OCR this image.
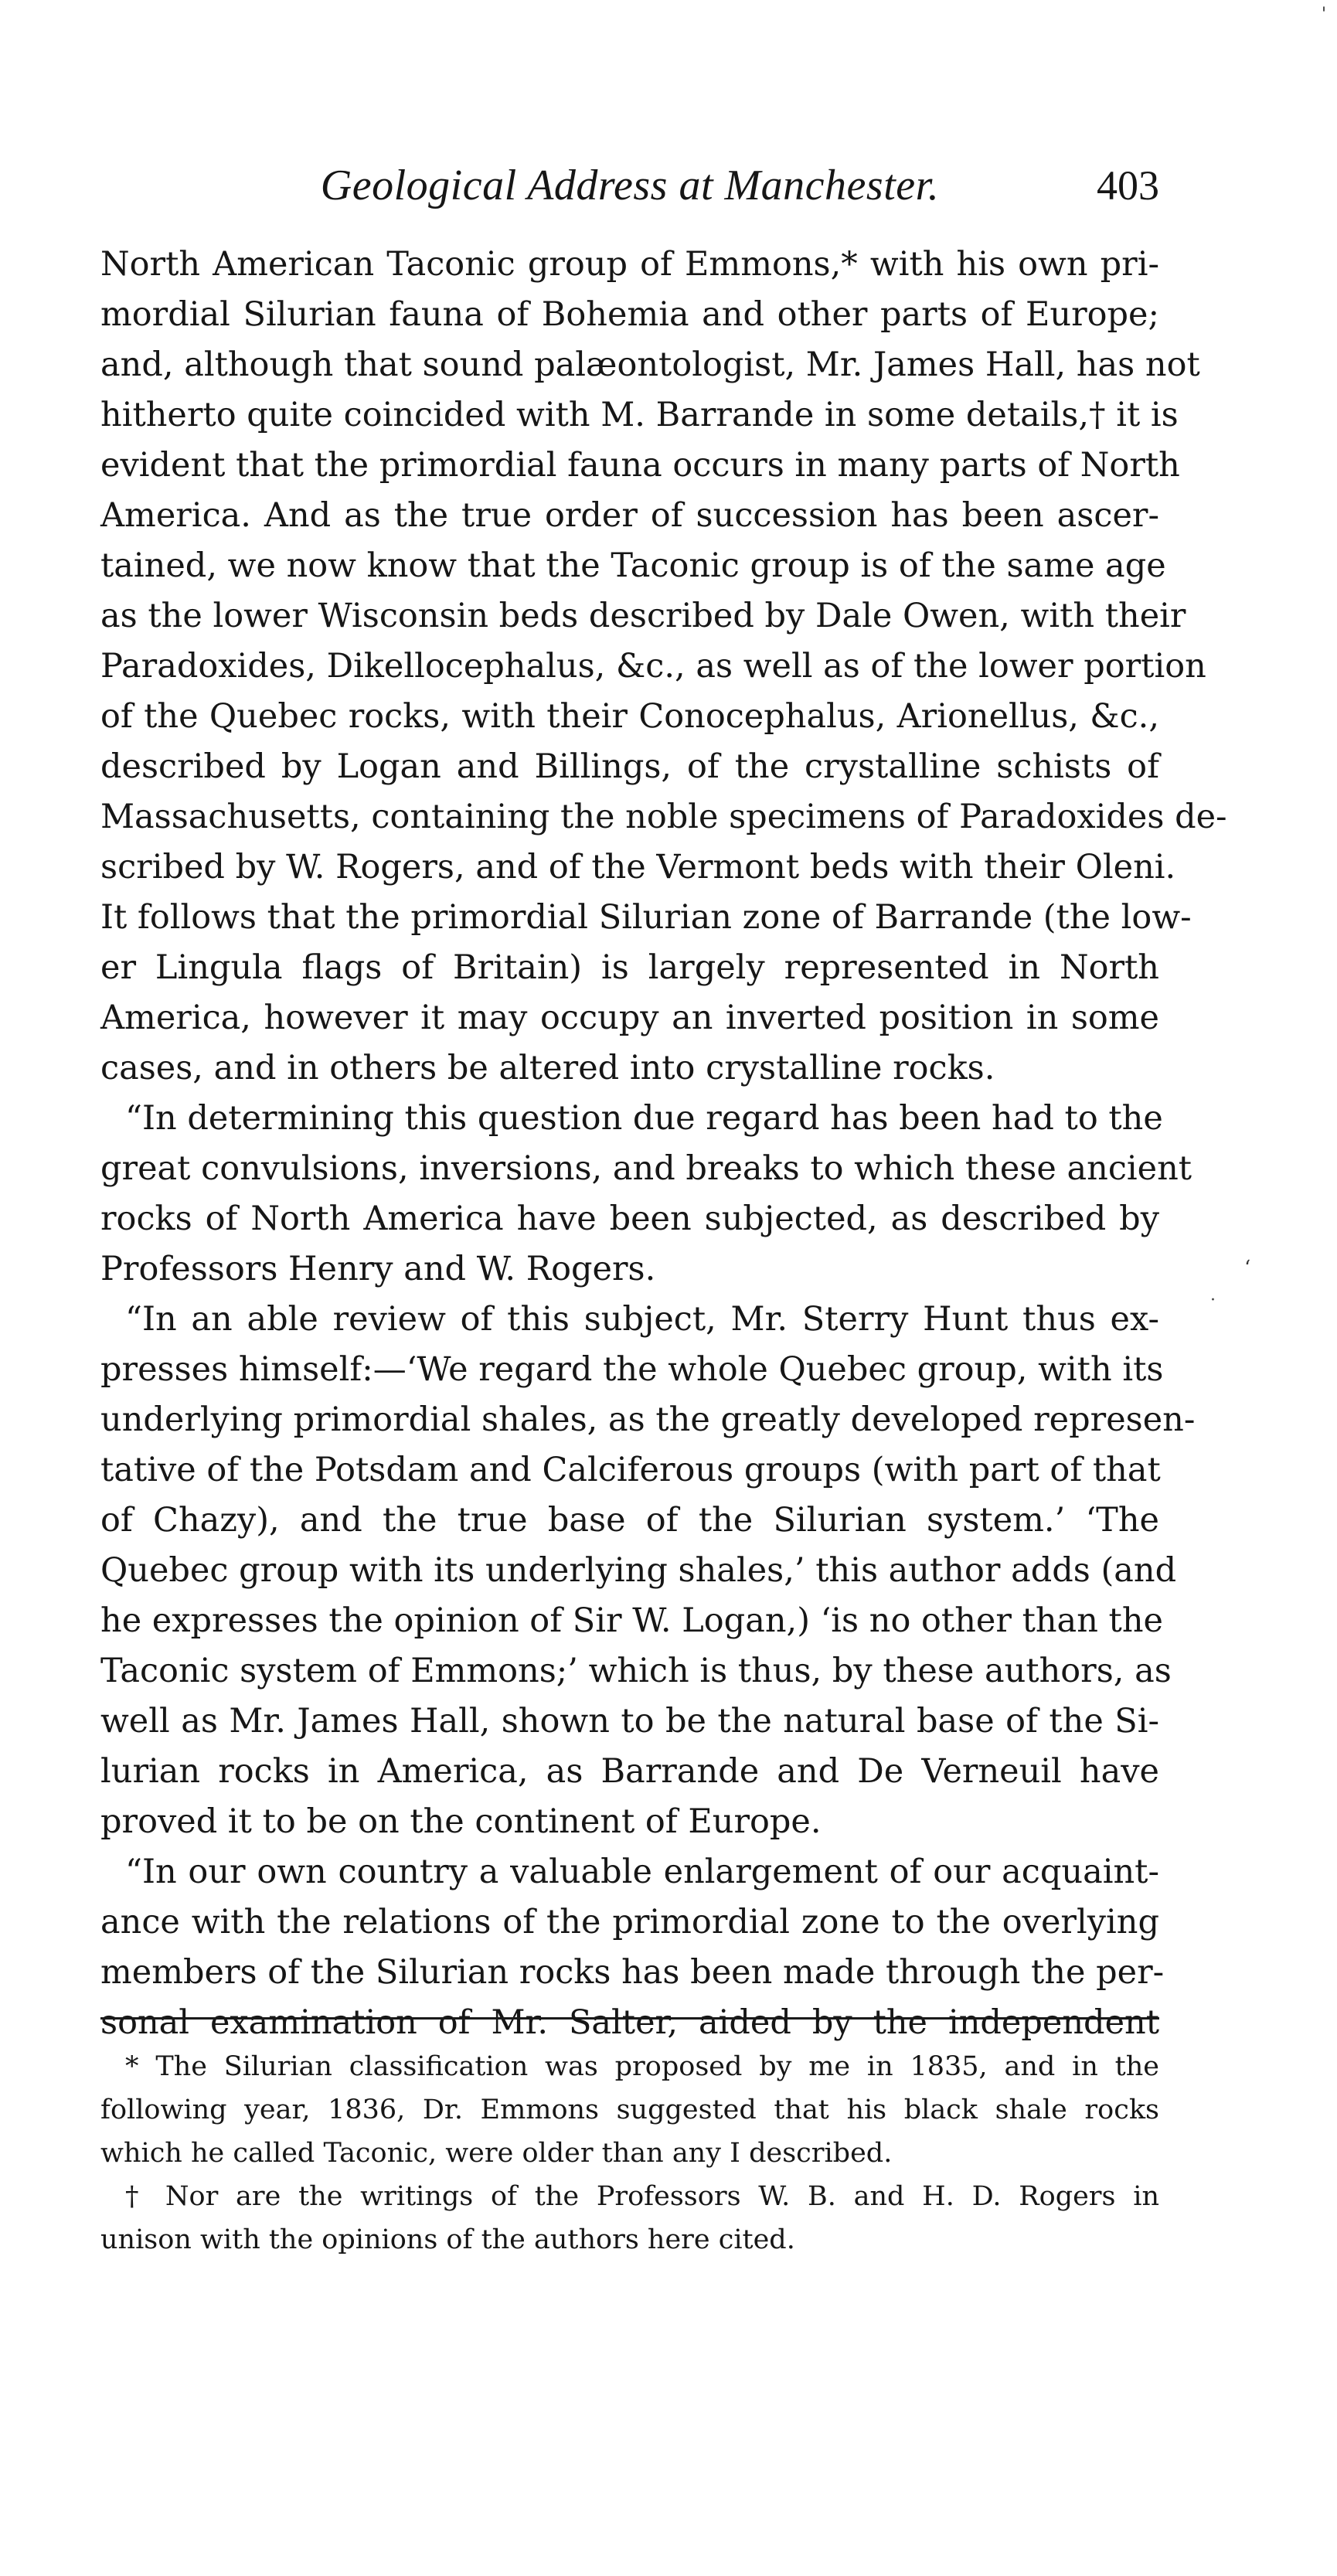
'
Geological Address at Manchester.	403
North American Taconic group of Emmons,* with his own pri-
mordial Silurian fauna of Bohemia and other parts of Europe;
and, although that sound palæontologist, Mr. James Hall, has not
hitherto quite coincided with M. Barrande in some details,† it is
evident that the primordial fauna occurs in many parts of North
America. And as the true order of succession has been ascer-
tained, we now know that the Taconic group is of the same age
as the lower Wisconsin beds described by Dale Owen, with their
Paradoxides, Dikellocephalus, &c., as well as of the lower portion
of the Quebec rocks, with their Conocephalus, Arionellus, &c.,
described by Logan and Billings, of the crystalline schists of
Massachusetts, containing the noble specimens of Paradoxides de-
scribed by W. Rogers, and of the Vermont beds with their Oleni.
It follows that the primordial Silurian zone of Barrande (the low-
er Lingula flags of Britain) is largely represented in North
America, however it may occupy an inverted position in some
cases, and in others be altered into crystalline rocks.
“In determining this question due regard has been had to the
great convulsions, inversions, and breaks to which these ancient
rocks of North America have been subjected, as described by
Professors Henry and W. Rogers.
“In an able review of this subject, Mr. Sterry Hunt thus ex-
presses himself:—‘We regard the whole Quebec group, with its
underlying primordial shales, as the greatly developed represen-
tative of the Potsdam and Calciferous groups (with part of that
of Chazy), and the true base of the Silurian system.’ ‘The
Quebec group with its underlying shales,’ this author adds (and
he expresses the opinion of Sir W. Logan,) ‘is no other than the
Taconic system of Emmons;’ which is thus, by these authors, as
well as Mr. James Hall, shown to be the natural base of the Si-
lurian rocks in America, as Barrande and De Verneuil have
proved it to be on the continent of Europe.
“In our own country a valuable enlargement of our acquaint-
ance with the relations of the primordial zone to the overlying
members of the Silurian rocks has been made through the per-
sonal examination of Mr. Salter, aided by the independent
‘
·
* The Silurian classification was proposed by me in 1835, and in the
following year, 1836, Dr. Emmons suggested that his black shale rocks
which he called Taconic, were older than any I described.
† Nor are the writings of the Professors W. B. and H. D. Rogers in
unison with the opinions of the authors here cited.
